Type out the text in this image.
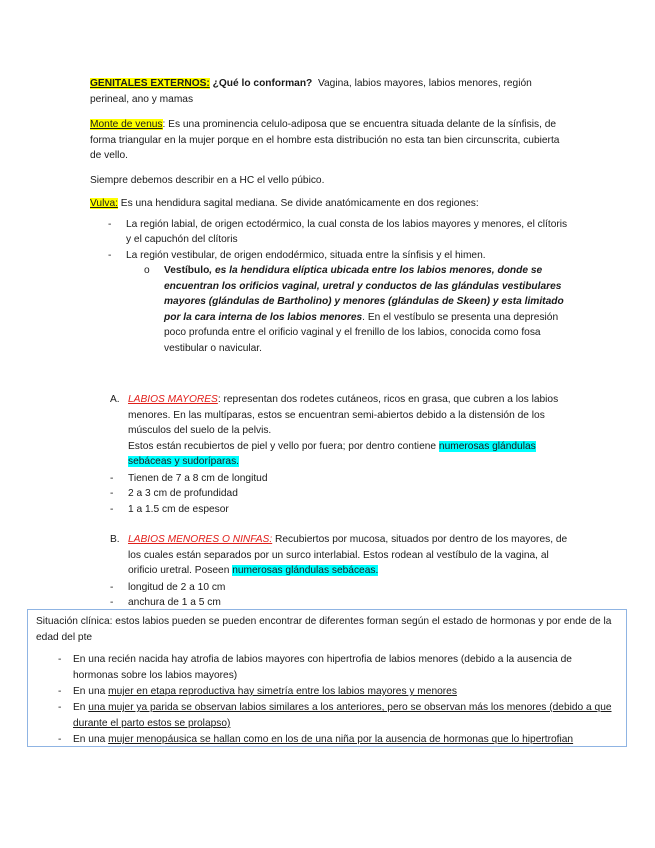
GENITALES EXTERNOS: ¿Qué lo conforman? Vagina, labios mayores, labios menores, región perineal, ano y mamas

Monte de venus: Es una prominencia celulo-adiposa que se encuentra situada delante de la sínfisis, de forma triangular en la mujer porque en el hombre esta distribución no esta tan bien circunscrita, cubierta de vello.

Siempre debemos describir en a HC el vello púbico.

Vulva: Es una hendidura sagital mediana. Se divide anatómicamente en dos regiones:

- La región labial, de origen ectodérmico, la cual consta de los labios mayores y menores, el clítoris y el capuchón del clítoris
- La región vestibular, de origen endodérmico, situada entre la sínfisis y el himen.
o Vestíbulo, es la hendidura elíptica ubicada entre los labios menores, donde se encuentran los orificios vaginal, uretral y conductos de las glándulas vestibulares mayores (glándulas de Bartholino) y menores (glándulas de Skeen) y esta limitado por la cara interna de los labios menores. En el vestíbulo se presenta una depresión poco profunda entre el orificio vaginal y el frenillo de los labios, conocida como fosa vestibular o navicular.
A. LABIOS MAYORES: representan dos rodetes cutáneos, ricos en grasa, que cubren a los labios menores. En las multíparas, estos se encuentran semi-abiertos debido a la distensión de los músculos del suelo de la pelvis.
Estos están recubiertos de piel y vello por fuera; por dentro contiene numerosas glándulas sebáceas y sudoríparas.
- Tienen de 7 a 8 cm de longitud
- 2 a 3 cm de profundidad
- 1 a 1.5 cm de espesor
B. LABIOS MENORES O NINFAS: Recubiertos por mucosa, situados por dentro de los mayores, de los cuales están separados por un surco interlabial. Estos rodean al vestíbulo de la vagina, al orificio uretral. Poseen numerosas glándulas sebáceas.
- longitud de 2 a 10 cm
- anchura de 1 a 5 cm

Situación clínica: estos labios pueden se pueden encontrar de diferentes forman según el estado de hormonas y por ende de la edad del pte

- En una recién nacida hay atrofia de labios mayores con hipertrofia de labios menores (debido a la ausencia de hormonas sobre los labios mayores)
- En una mujer en etapa reproductiva hay simetría entre los labios mayores y menores
- En una mujer ya parida se observan labios similares a los anteriores, pero se observan más los menores (debido a que durante el parto estos se prolapso)
- En una mujer menopáusica se hallan como en los de una niña por la ausencia de hormonas que lo hipertrofian
